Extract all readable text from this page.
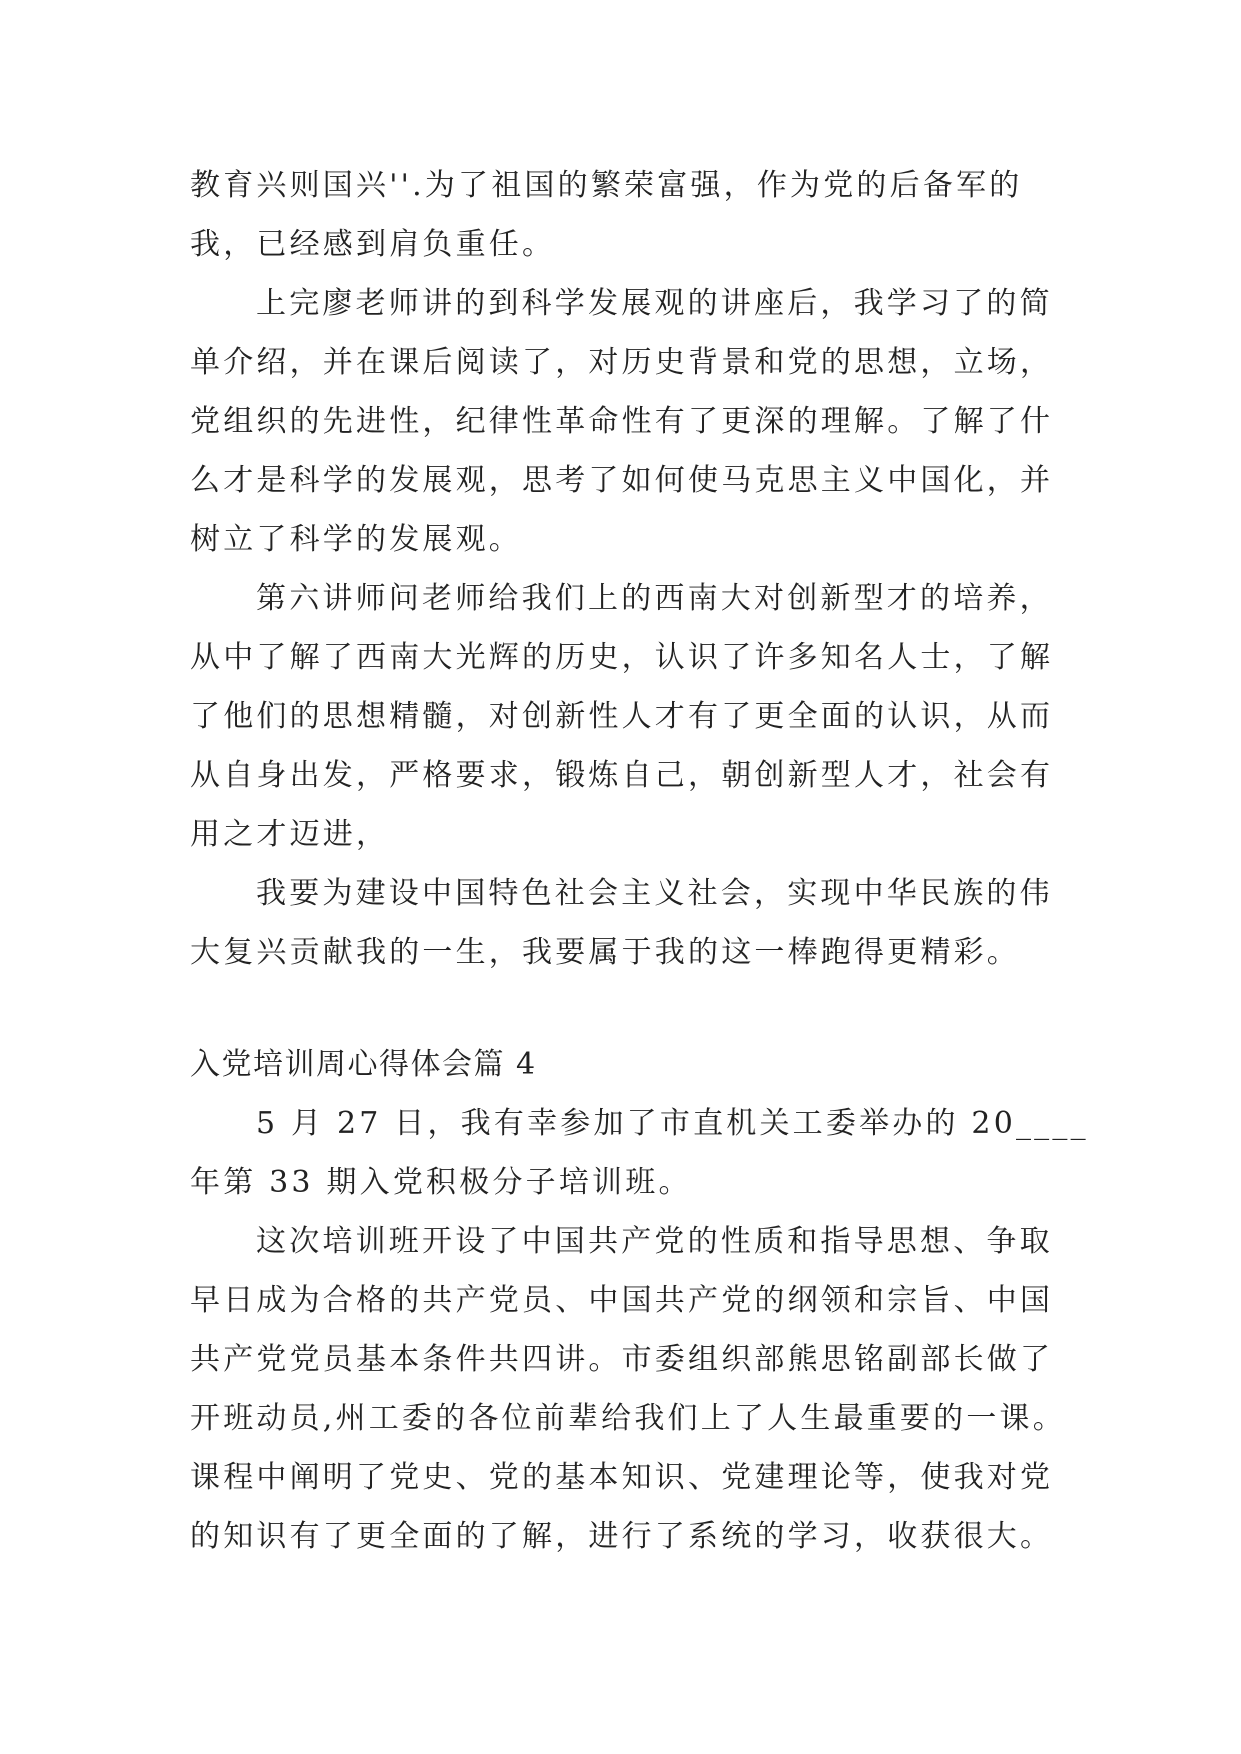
教育兴则国兴''.为了祖国的繁荣富强，作为党的后备军的
我，已经感到肩负重任。
上完廖老师讲的到科学发展观的讲座后，我学习了的简
单介绍，并在课后阅读了，对历史背景和党的思想，立场，
党组织的先进性，纪律性革命性有了更深的理解。了解了什
么才是科学的发展观，思考了如何使马克思主义中国化，并
树立了科学的发展观。
第六讲师问老师给我们上的西南大对创新型才的培养，
从中了解了西南大光辉的历史，认识了许多知名人士，了解
了他们的思想精髓，对创新性人才有了更全面的认识，从而
从自身出发，严格要求，锻炼自己，朝创新型人才，社会有
用之才迈进，
我要为建设中国特色社会主义社会，实现中华民族的伟
大复兴贡献我的一生，我要属于我的这一棒跑得更精彩。
入党培训周心得体会篇 4
5 月 27 日，我有幸参加了市直机关工委举办的 20____
年第 33 期入党积极分子培训班。
这次培训班开设了中国共产党的性质和指导思想、争取
早日成为合格的共产党员、中国共产党的纲领和宗旨、中国
共产党党员基本条件共四讲。市委组织部熊思铭副部长做了
开班动员,州工委的各位前辈给我们上了人生最重要的一课。
课程中阐明了党史、党的基本知识、党建理论等，使我对党
的知识有了更全面的了解，进行了系统的学习，收获很大。
